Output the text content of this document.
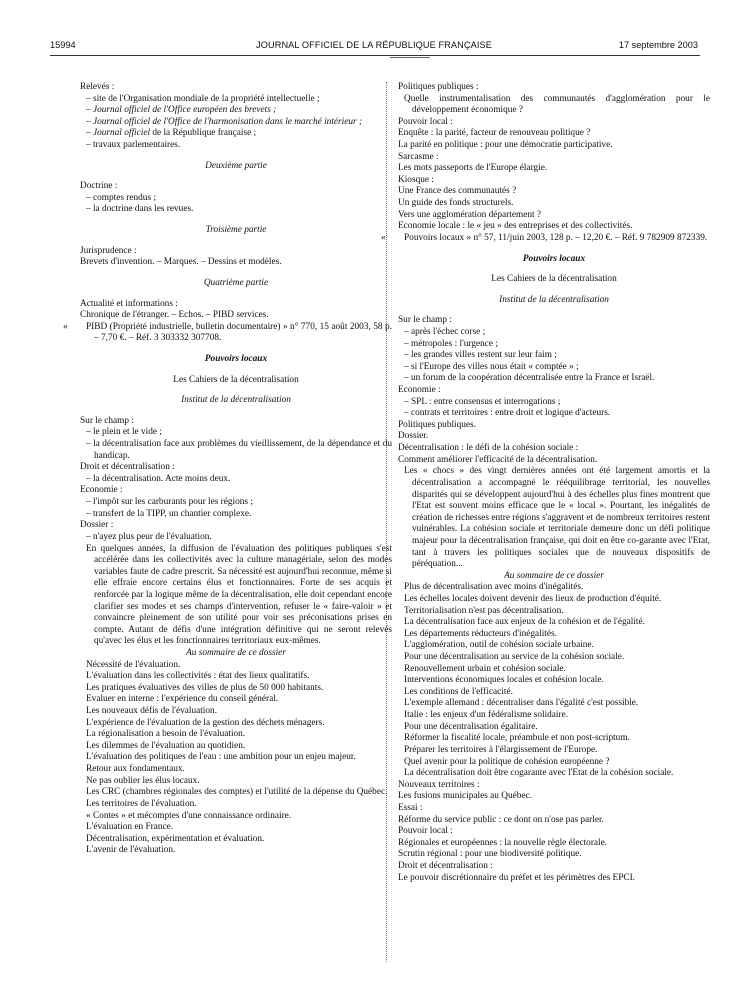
15994	JOURNAL OFFICIEL DE LA RÉPUBLIQUE FRANÇAISE	17 septembre 2003

Relevés :

– site de l'Organisation mondiale de la propriété intellectuelle ;

– Journal officiel de l'Office européen des brevets ;

– Journal officiel de l'Office de l'harmonisation dans le marché intérieur ;

– Journal officiel de la République française ;

– travaux parlementaires.

Deuxième partie

Doctrine :

– comptes rendus ;

– la doctrine dans les revues.

Troisième partie

Jurisprudence :

Brevets d'invention. – Marques. – Dessins et modèles.

Quatrième partie

Actualité et informations :

Chronique de l'étranger. – Echos. – PIBD services.

« PIBD (Propriété industrielle, bulletin documentaire) » n° 770, 15 août 2003, 58 p. – 7,70 €. – Réf. 3 303332 307708.

Pouvoirs locaux

Les Cahiers de la décentralisation

Institut de la décentralisation

Sur le champ :

– le plein et le vide ;

– la décentralisation face aux problèmes du vieillissement, de la dépendance et du handicap.

Droit et décentralisation :

– la décentralisation. Acte moins deux.

Economie :

– l'impôt sur les carburants pour les régions ;

– transfert de la TIPP, un chantier complexe.

Dossier :

– n'ayez plus peur de l'évaluation.

En quelques années, la diffusion de l'évaluation des politiques publiques s'est accélérée dans les collectivités avec la culture managériale, selon des modes variables faute de cadre prescrit. Sa nécessité est aujourd'hui reconnue, même si elle effraie encore certains élus et fonctionnaires. Forte de ses acquis et renforcée par la logique même de la décentralisation, elle doit cependant encore clarifier ses modes et ses champs d'intervention, refuser le « faire-valoir » et convaincre pleinement de son utilité pour voir ses préconisations prises en compte. Autant de défis d'une intégration définitive qui ne seront relevés qu'avec les élus et les fonctionnaires territoriaux eux-mêmes.

Au sommaire de ce dossier

Nécessité de l'évaluation.

L'évaluation dans les collectivités : état des lieux qualitatifs.

Les pratiques évaluatives des villes de plus de 50 000 habitants.

Evaluer en interne : l'expérience du conseil général.

Les nouveaux défis de l'évaluation.

L'expérience de l'évaluation de la gestion des déchets ménagers.

La régionalisation a besoin de l'évaluation.

Les dilemmes de l'évaluation au quotidien.

L'évaluation des politiques de l'eau : une ambition pour un enjeu majeur.

Retour aux fondamentaux.

Ne pas oublier les élus locaux.

Les CRC (chambres régionales des comptes) et l'utilité de la dépense du Québec.

Les territoires de l'évaluation.

« Contes » et mécomptes d'une connaissance ordinaire.

L'évaluation en France.

Décentralisation, expérimentation et évaluation.

L'avenir de l'évaluation.

Politiques publiques :

Quelle instrumentalisation des communautés d'agglomération pour le développement économique ?

Pouvoir local :

Enquête : la parité, facteur de renouveau politique ?

La parité en politique : pour une démocratie participative.

Sarcasme :

Les mots passeports de l'Europe élargie.

Kiosque :

Une France des communautés ?

Un guide des fonds structurels.

Vers une agglomération département ?

Economie locale : le « jeu » des entreprises et des collectivités.

« Pouvoirs locaux » n° 57, 11/juin 2003, 128 p. – 12,20 €. – Réf. 9 782909 872339.

Pouvoirs locaux

Les Cahiers de la décentralisation

Institut de la décentralisation

Sur le champ :

– après l'échec corse ;

– métropoles : l'urgence ;

– les grandes villes restent sur leur faim ;

– si l'Europe des villes nous était « comptée » ;

– un forum de la coopération décentralisée entre la France et Israël.

Economie :

– SPL : entre consensus et interrogations ;

– contrats et territoires : entre droit et logique d'acteurs.

Politiques publiques.

Dossier.

Décentralisation : le défi de la cohésion sociale :

Comment améliorer l'efficacité de la décentralisation.

Les « chocs » des vingt dernières années ont été largement amortis et la décentralisation a accompagné le rééquilibrage territorial, les nouvelles disparités qui se développent aujourd'hui à des échelles plus fines montrent que l'Etat est souvent moins efficace que le « local ». Pourtant, les inégalités de création de richesses entre régions s'aggravent et de nombreux territoires restent vulnérables. La cohésion sociale et territoriale demeure donc un défi politique majeur pour la décentralisation française, qui doit en être co-garante avec l'Etat, tant à travers les politiques sociales que de nouveaux dispositifs de péréquation...

Au sommaire de ce dossier

Plus de décentralisation avec moins d'inégalités.

Les échelles locales doivent devenir des lieux de production d'équité.

Territorialisation n'est pas décentralisation.

La décentralisation face aux enjeux de la cohésion et de l'égalité.

Les départements réducteurs d'inégalités.

L'agglomération, outil de cohésion sociale urbaine.

Pour une décentralisation au service de la cohésion sociale.

Renouvellement urbain et cohésion sociale.

Interventions économiques locales et cohésion locale.

Les conditions de l'efficacité.

L'exemple allemand : décentraliser dans l'égalité c'est possible.

Italie : les enjeux d'un fédéralisme solidaire.

Pour une décentralisation égalitaire.

Réformer la fiscalité locale, préambule et non post-scriptum.

Préparer les territoires à l'élargissement de l'Europe.

Quel avenir pour la politique de cohésion européenne ?

La décentralisation doit être cogarante avec l'Etat de la cohésion sociale.

Nouveaux territoires :

Les fusions municipales au Québec.

Essai :

Réforme du service public : ce dont on n'ose pas parler.

Pouvoir local :

Régionales et européennes : la nouvelle règle électorale.

Scrutin régional : pour une biodiversité politique.

Droit et décentralisation :

Le pouvoir discrétionnaire du préfet et les périmètres des EPCI.
